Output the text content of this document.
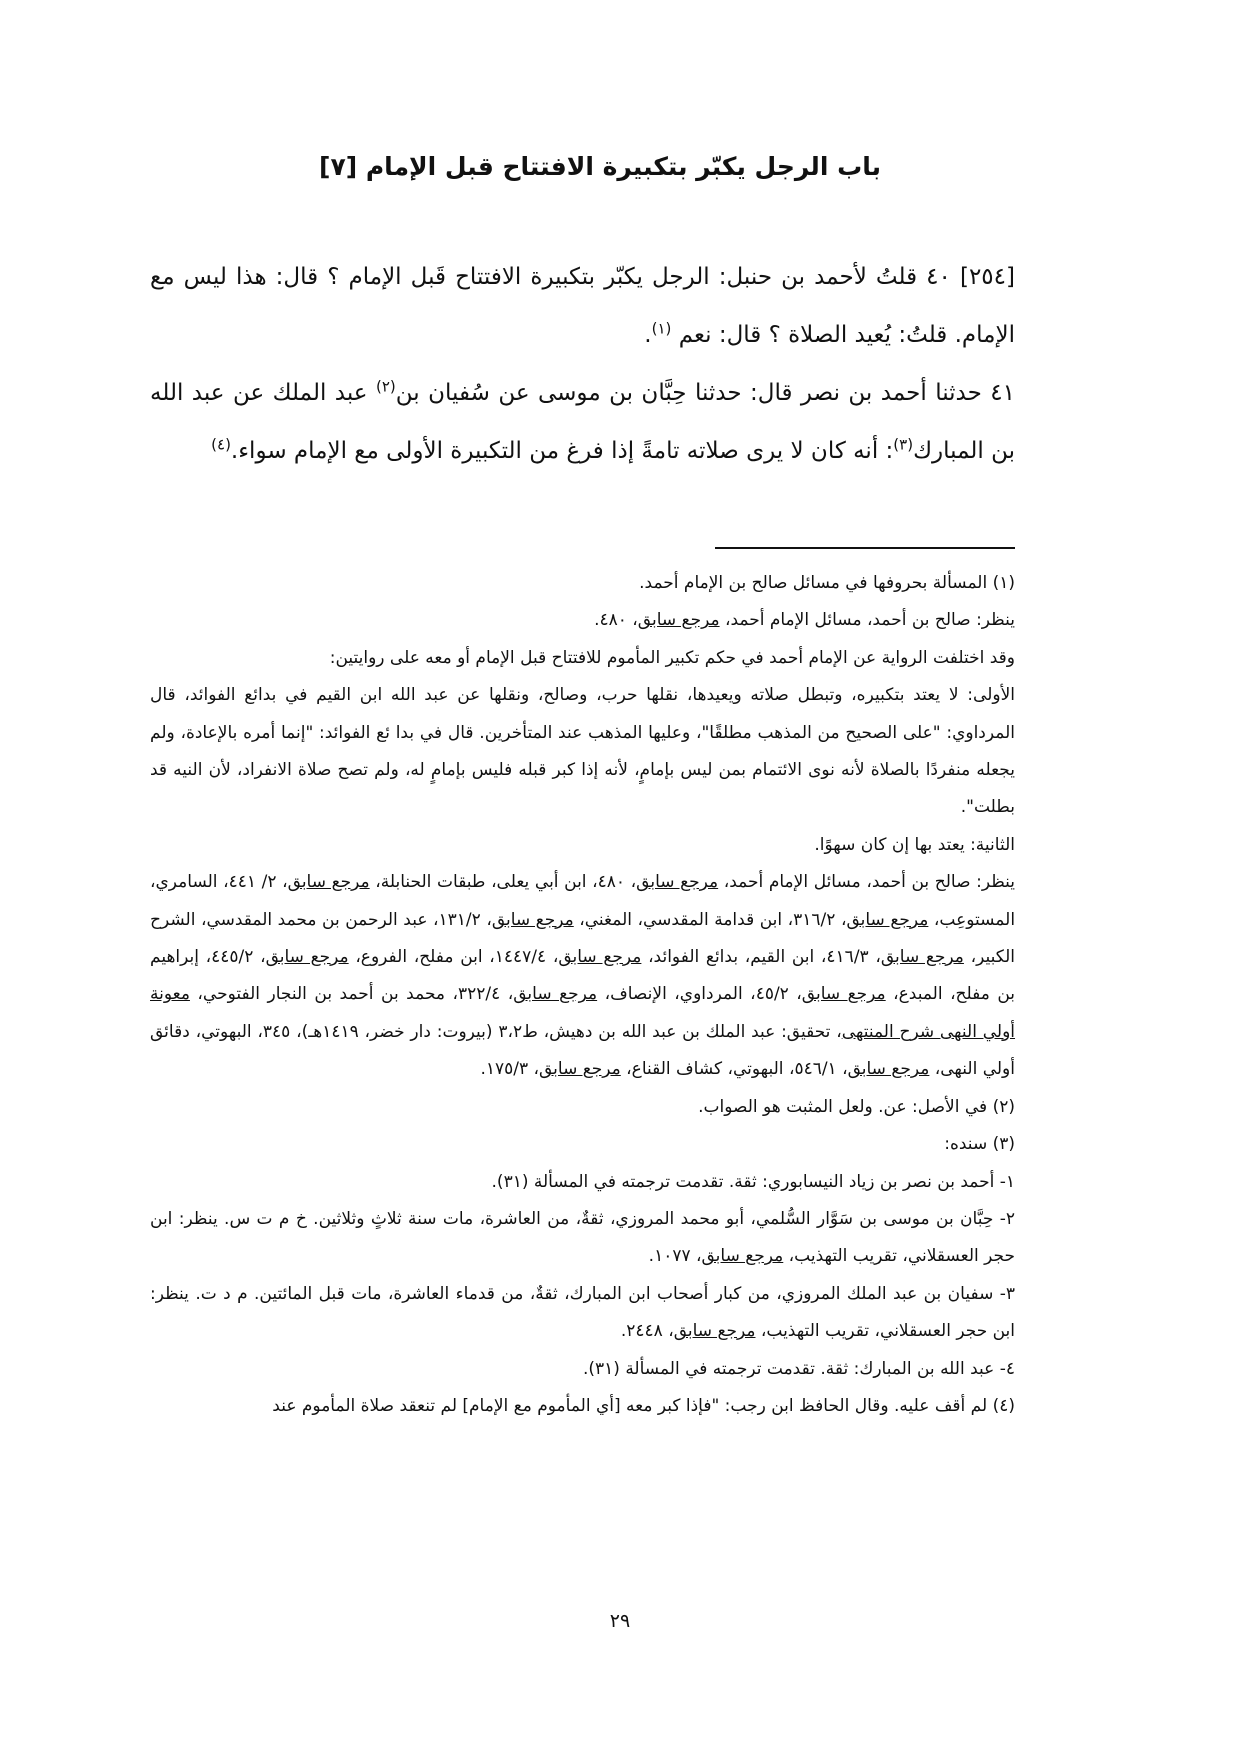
[٧] باب الرجل يكبّر بتكبيرة الافتتاح قبل الإمام

[٢٥٤] ٤٠ قلتُ لأحمد بن حنبل: الرجل يكبّر بتكبيرة الافتتاح قَبل الإمام ؟ قال: هذا ليس مع الإمام. قلتُ: يُعيد الصلاة ؟ قال: نعم $^{(١)}$.

٤١ حدثنا أحمد بن نصر قال: حدثنا حِبَّان بن موسى عن سُفيان بن$^{(٢)}$ عبد الملك عن عبد الله بن المبارك$^{(٣)}$: أنه كان لا يرى صلاته تامةً إذا فرغ من التكبيرة الأولى مع الإمام سواء.$^{(٤)}$

(١) المسألة بحروفها في مسائل صالح بن الإمام أحمد.

ينظر: صالح بن أحمد، مسائل الإمام أحمد، مرجع سابق، ٤٨٠.

وقد اختلفت الرواية عن الإمام أحمد في حكم تكبير المأموم للافتتاح قبل الإمام أو معه على روايتين:

الأولى: لا يعتد بتكبيره، وتبطل صلاته ويعيدها، نقلها حرب، وصالح، ونقلها عن عبد الله ابن القيم في بدائع الفوائد، قال المرداوي: "على الصحيح من المذهب مطلقًا"، وعليها المذهب عند المتأخرين. قال في بدا ئع الفوائد: "إنما أمره بالإعادة، ولم يجعله منفردًا بالصلاة لأنه نوى الائتمام بمن ليس بإمامٍ، لأنه إذا كبر قبله فليس بإمامٍ له، ولم تصح صلاة الانفراد، لأن النيه قد بطلت".

الثانية: يعتد بها إن كان سهوًا.

ينظر: صالح بن أحمد، مسائل الإمام أحمد، مرجع سابق، ٤٨٠، ابن أبي يعلى، طبقات الحنابلة، مرجع سابق، ٢/ ٤٤١، السامري، المستوعِب، مرجع سابق، ٣١٦/٢، ابن قدامة المقدسي، المغني، مرجع سابق، ١٣١/٢، عبد الرحمن بن محمد المقدسي، الشرح الكبير، مرجع سابق، ٤١٦/٣، ابن القيم، بدائع الفوائد، مرجع سابق، ١٤٤٧/٤، ابن مفلح، الفروع، مرجع سابق، ٤٤٥/٢، إبراهيم بن مفلح، المبدع، مرجع سابق، ٤٥/٢، المرداوي، الإنصاف، مرجع سابق، ٣٢٢/٤، محمد بن أحمد بن النجار الفتوحي، معونة أولي النهى شرح المنتهى، تحقيق: عبد الملك بن عبد الله بن دهيش، ط٣،٢ (بيروت: دار خضر، ١٤١٩هـ)، ٣٤٥، البهوتي، دقائق أولي النهى، مرجع سابق، ٥٤٦/١، البهوتي، كشاف القناع، مرجع سابق، ١٧٥/٣.

(٢) في الأصل: عن. ولعل المثبت هو الصواب.

(٣) سنده:

١- أحمد بن نصر بن زياد النيسابوري: ثقة. تقدمت ترجمته في المسألة (٣١).

٢- حِبَّان بن موسى بن سَوَّار السُّلمي، أبو محمد المروزي، ثقةٌ، من العاشرة، مات سنة ثلاثٍ وثلاثين. خ م ت س. ينظر: ابن حجر العسقلاني، تقريب التهذيب، مرجع سابق، ١٠٧٧.

٣- سفيان بن عبد الملك المروزي، من كبار أصحاب ابن المبارك، ثقةٌ، من قدماء العاشرة، مات قبل المائتين. م د ت. ينظر: ابن حجر العسقلاني، تقريب التهذيب، مرجع سابق، ٢٤٤٨.

٤- عبد الله بن المبارك: ثقة. تقدمت ترجمته في المسألة (٣١).

(٤) لم أقف عليه. وقال الحافظ ابن رجب: "فإذا كبر معه [أي المأموم مع الإمام] لم تنعقد صلاة المأموم عند

٢٩
